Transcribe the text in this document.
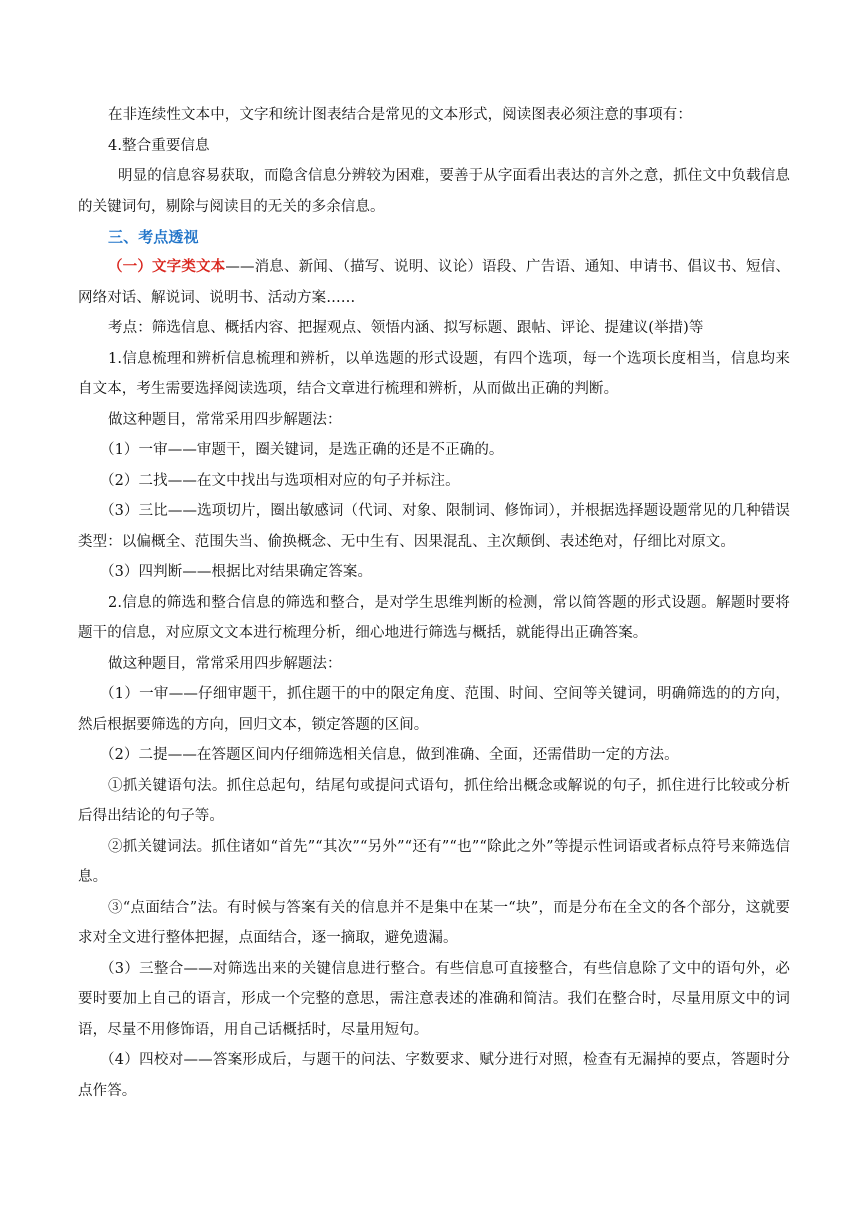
在非连续性文本中，文字和统计图表结合是常见的文本形式，阅读图表必须注意的事项有：

4.整合重要信息

明显的信息容易获取，而隐含信息分辨较为困难，要善于从字面看出表达的言外之意，抓住文中负载信息的关键词句，剔除与阅读目的无关的多余信息。

三、考点透视

（一）文字类文本——消息、新闻、（描写、说明、议论）语段、广告语、通知、申请书、倡议书、短信、网络对话、解说词、说明书、活动方案……

考点：筛选信息、概括内容、把握观点、领悟内涵、拟写标题、跟帖、评论、提建议(举措)等

1.信息梳理和辨析信息梳理和辨析，以单选题的形式设题，有四个选项，每一个选项长度相当，信息均来自文本，考生需要选择阅读选项，结合文章进行梳理和辨析，从而做出正确的判断。

做这种题目，常常采用四步解题法：

（1）一审——审题干，圈关键词，是选正确的还是不正确的。

（2）二找——在文中找出与选项相对应的句子并标注。

（3）三比——选项切片，圈出敏感词（代词、对象、限制词、修饰词），并根据选择题设题常见的几种错误类型：以偏概全、范围失当、偷换概念、无中生有、因果混乱、主次颠倒、表述绝对，仔细比对原文。

（3）四判断——根据比对结果确定答案。

2.信息的筛选和整合信息的筛选和整合，是对学生思维判断的检测，常以简答题的形式设题。解题时要将题干的信息，对应原文文本进行梳理分析，细心地进行筛选与概括，就能得出正确答案。

做这种题目，常常采用四步解题法：

（1）一审——仔细审题干，抓住题干的中的限定角度、范围、时间、空间等关键词，明确筛选的的方向，然后根据要筛选的方向，回归文本，锁定答题的区间。

（2）二提——在答题区间内仔细筛选相关信息，做到准确、全面，还需借助一定的方法。

①抓关键语句法。抓住总起句，结尾句或提问式语句，抓住给出概念或解说的句子，抓住进行比较或分析后得出结论的句子等。

②抓关键词法。抓住诸如“首先”“其次”“另外”“还有”“也”“除此之外”等提示性词语或者标点符号来筛选信息。

③“点面结合”法。有时候与答案有关的信息并不是集中在某一“块”，而是分布在全文的各个部分，这就要求对全文进行整体把握，点面结合，逐一摘取，避免遗漏。

（3）三整合——对筛选出来的关键信息进行整合。有些信息可直接整合，有些信息除了文中的语句外，必要时要加上自己的语言，形成一个完整的意思，需注意表述的准确和简洁。我们在整合时，尽量用原文中的词语，尽量不用修饰语，用自己话概括时，尽量用短句。

（4）四校对——答案形成后，与题干的问法、字数要求、赋分进行对照，检查有无漏掉的要点，答题时分点作答。
